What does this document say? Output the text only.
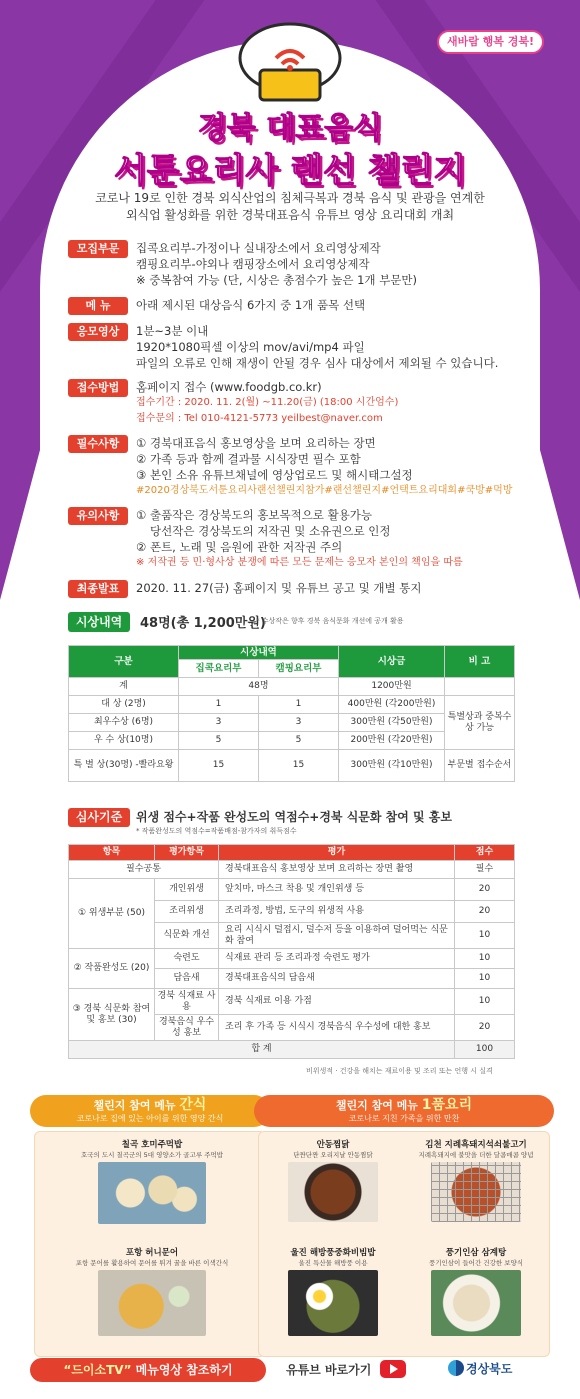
새바람 행복 경북!
경북 대표음식
서툰요리사 랜선 챌린지
코로나 19로 인한 경북 외식산업의 침체극복과 경북 음식 및 관광을 연계한
외식업 활성화를 위한 경북대표음식 유튜브 영상 요리대회 개최
모집부문	집콕요리부-가정이나 실내장소에서 요리영상제작
캠핑요리부-야외나 캠핑장소에서 요리영상제작
※ 중복참여 가능 (단, 시상은 총점수가 높은 1개 부문만)
메 뉴	아래 제시된 대상음식 6가지 중 1개 품목 선택
응모영상	1분~3분 이내
1920*1080픽셀 이상의 mov/avi/mp4 파일
파일의 오류로 인해 재생이 안될 경우 심사 대상에서 제외될 수 있습니다.
접수방법	홈페이지 접수 (www.foodgb.co.kr)
접수기간 : 2020. 11. 2(월) ~11.20(금) (18:00 시간엄수)
접수문의 : Tel 010-4121-5773 yeilbest@naver.com
필수사항	① 경북대표음식 홍보영상을 보며 요리하는 장면
② 가족 등과 함께 결과물 시식장면 필수 포함
③ 본인 소유 유튜브채널에 영상업로드 및 해시태그설정
#2020경상북도서툰요리사랜선챌린지참가#랜선챌린지#언택트요리대회#쿡방#먹방
유의사항	① 출품작은 경상북도의 홍보목적으로 활용가능
당선작은 경상북도의 저작권 및 소유권으로 인정
② 폰트, 노래 및 음원에 관한 저작권 주의
※ 저작권 등 민·형사상 분쟁에 따른 모든 문제는 응모자 본인의 책임을 따름
최종발표	2020. 11. 27(금) 홈페이지 및 유튜브 공고 및 개별 통지
시상내역	48명(총 1,200만원)
* 수상작은 향후 경북 음식문화 개선에 공개 활용
구분	시상내역		시상금	비 고
	집콕요리부	캠핑요리부		
계	48명		1200만원	
대 상 (2명)	1	1	400만원 (각200만원)	특별상과 중복수상 가능
최우수상 (6명)	3	3	300만원 (각50만원)	
우 수 상(10명)	5	5	200만원 (각20만원)	
특 별 상(30명) -빨라요왕	15	15	300만원 (각10만원)	부문별 접수순서
심사기준	위생 점수+작품 완성도의 역점수+경북 식문화 참여 및 홍보
* 작품완성도의 역점수=작품배점-참가자의 취득점수
항목	평가항목	평가	점수
필수공통		경북대표음식 홍보영상 보며 요리하는 장면 촬영	필수
① 위생부분 (50)	개인위생	앞치마, 마스크 착용 및 개인위생 등	20
	조리위생	조리과정, 방법, 도구의 위생적 사용	20
	식문화 개선	요리 시식시 덜접시, 덜수저 등을 이용하여 덜어먹는 식문화 참여	10
② 작품완성도 (20)	숙련도	식재료 관리 등 조리과정 숙련도 평가	10
	담음새	경북대표음식의 담음새	10
③ 경북 식문화 참여 및 홍보 (30)	경북 식재료 사용	경북 식재료 이용 가점	10
	경북음식 우수성 홍보	조리 후 가족 등 시식시 경북음식 우수성에 대한 홍보	20
합 계			100
비위생적 · 건강을 해치는 재료이용 및 조리 또는 언행 시 실격
챌린지 참여 메뉴 간식
코로나로 집에 있는 아이를 위한 영양 간식
칠곡 호미주먹밥
호국의 도시 칠곡군의 5대 영양소가 골고루 주먹밥
포항 허니문어
포항 문어를 활용하여 문어를 튀겨 꿀을 바른 이색간식
챌린지 참여 메뉴 1품요리
코로나로 지친 가족을 위한 만찬
안동찜닭
단짠단짠 오리지날 안동찜닭
김천 지례흑돼지석쇠불고기
지례흑돼지에 불맛을 더한 달콤매콤 양념
울진 해방풍중화비빔밥
울진 특산물 해방풍 이용
풍기인삼 삼계탕
풍기인삼이 들어간 건강한 보양식
“드이소TV” 메뉴영상 참조하기	유튜브 바로가기	경상북도
